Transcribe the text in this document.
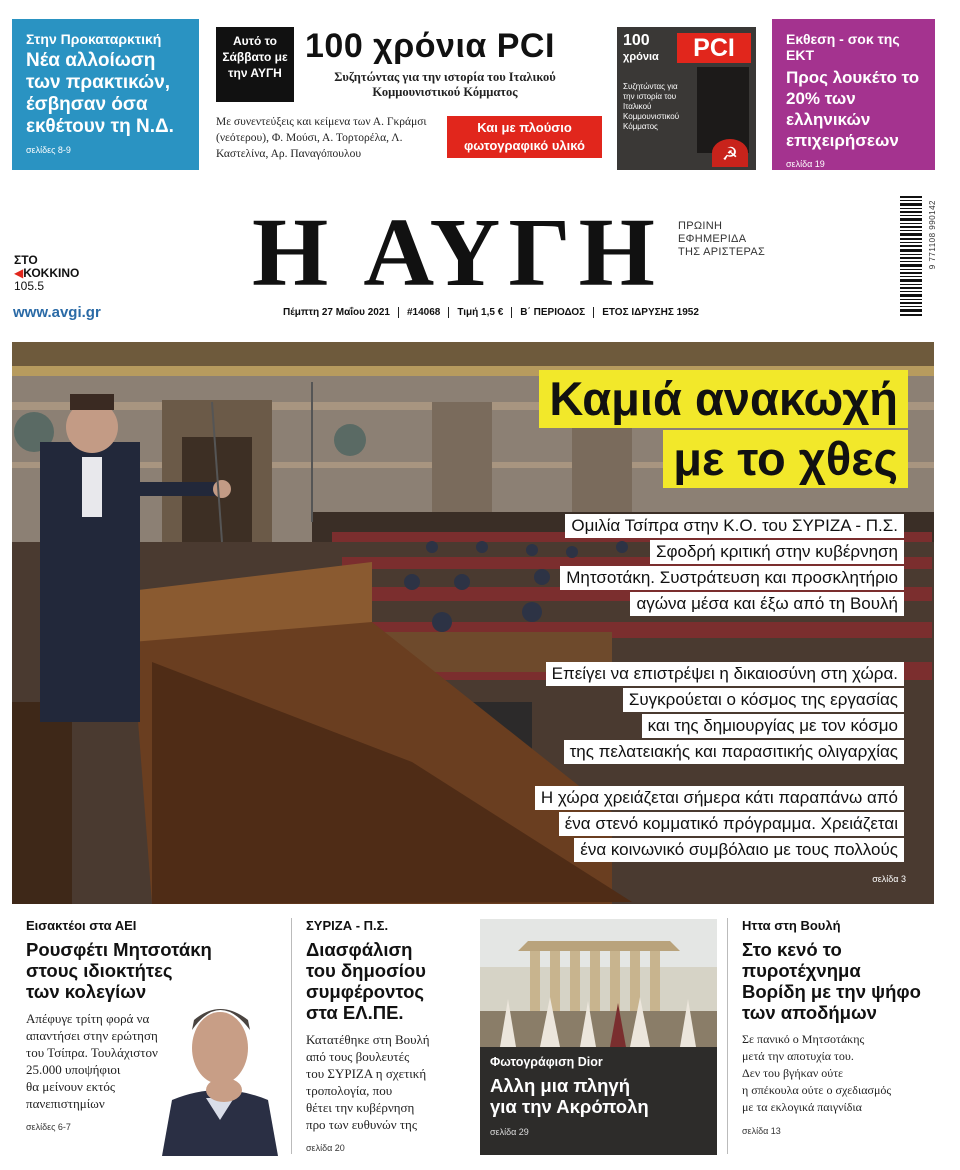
Στην Προκαταρκτική
Νέα αλλοίωση των πρακτικών, έσβησαν όσα εκθέτουν τη Ν.Δ.
σελίδες 8-9
Αυτό το Σάββατο με την ΑΥΓΗ
100 χρόνια PCI
Συζητώντας για την ιστορία του Ιταλικού Κομμουνιστικού Κόμματος
Με συνεντεύξεις και κείμενα των Α. Γκράμσι (νεότερου), Φ. Μούσι, Α. Τορτορέλα, Λ. Καστελίνα, Αρ. Παναγόπουλου
Και με πλούσιο φωτογραφικό υλικό
100
χρόνια	PCI
Συζητώντας για την ιστορία του Ιταλικού Κομμουνιστικού Κόμματος
☭
Εκθεση - σοκ της ΕΚΤ
Προς λουκέτο το 20% των ελληνικών επιχειρήσεων
σελίδα 19
Η ΑΥΓΗ ΠΡΩΙΝΗ
ΕΦΗΜΕΡΙΔΑ
ΤΗΣ ΑΡΙΣΤΕΡΑΣ
ΣΤΟ
◀ΚΟΚΚΙΝΟ
105.5
www.avgi.gr	Πέμπτη 27 Μαΐου 2021	#14068	Τιμή 1,5 €	Β΄ ΠΕΡΙΟΔΟΣ	ΕΤΟΣ ΙΔΡΥΣΗΣ 1952
9 771108 990142
Καμιά ανακωχή
με το χθες
Ομιλία Τσίπρα στην Κ.Ο. του ΣΥΡΙΖΑ - Π.Σ.
Σφοδρή κριτική στην κυβέρνηση
Μητσοτάκη. Συστράτευση και προσκλητήριο
αγώνα μέσα και έξω από τη Βουλή
Επείγει να επιστρέψει η δικαιοσύνη στη χώρα.
Συγκρούεται ο κόσμος της εργασίας
και της δημιουργίας με τον κόσμο
της πελατειακής και παρασιτικής ολιγαρχίας
Η χώρα χρειάζεται σήμερα κάτι παραπάνω από
ένα στενό κομματικό πρόγραμμα. Χρειάζεται
ένα κοινωνικό συμβόλαιο με τους πολλούς
σελίδα 3
Εισακτέοι στα ΑΕΙ
Ρουσφέτι Μητσοτάκη
στους ιδιοκτήτες
των κολεγίων
Απέφυγε τρίτη φορά να
απαντήσει στην ερώτηση
του Τσίπρα. Τουλάχιστον
25.000 υποψήφιοι
θα μείνουν εκτός
πανεπιστημίων
σελίδες 6-7
ΣΥΡΙΖΑ - Π.Σ.
Διασφάλιση
του δημοσίου
συμφέροντος
στα ΕΛ.ΠΕ.
Κατατέθηκε στη Βουλή
από τους βουλευτές
του ΣΥΡΙΖΑ η σχετική
τροπολογία, που
θέτει την κυβέρνηση
προ των ευθυνών της
σελίδα 20
Φωτογράφιση Dior
Αλλη μια πληγή
για την Ακρόπολη
σελίδα 29
Ηττα στη Βουλή
Στο κενό το
πυροτέχνημα
Βορίδη με την ψήφο
των αποδήμων
Σε πανικό ο Μητσοτάκης
μετά την αποτυχία του.
Δεν του βγήκαν ούτε
η σπέκουλα ούτε ο σχεδιασμός
με τα εκλογικά παιγνίδια
σελίδα 13
